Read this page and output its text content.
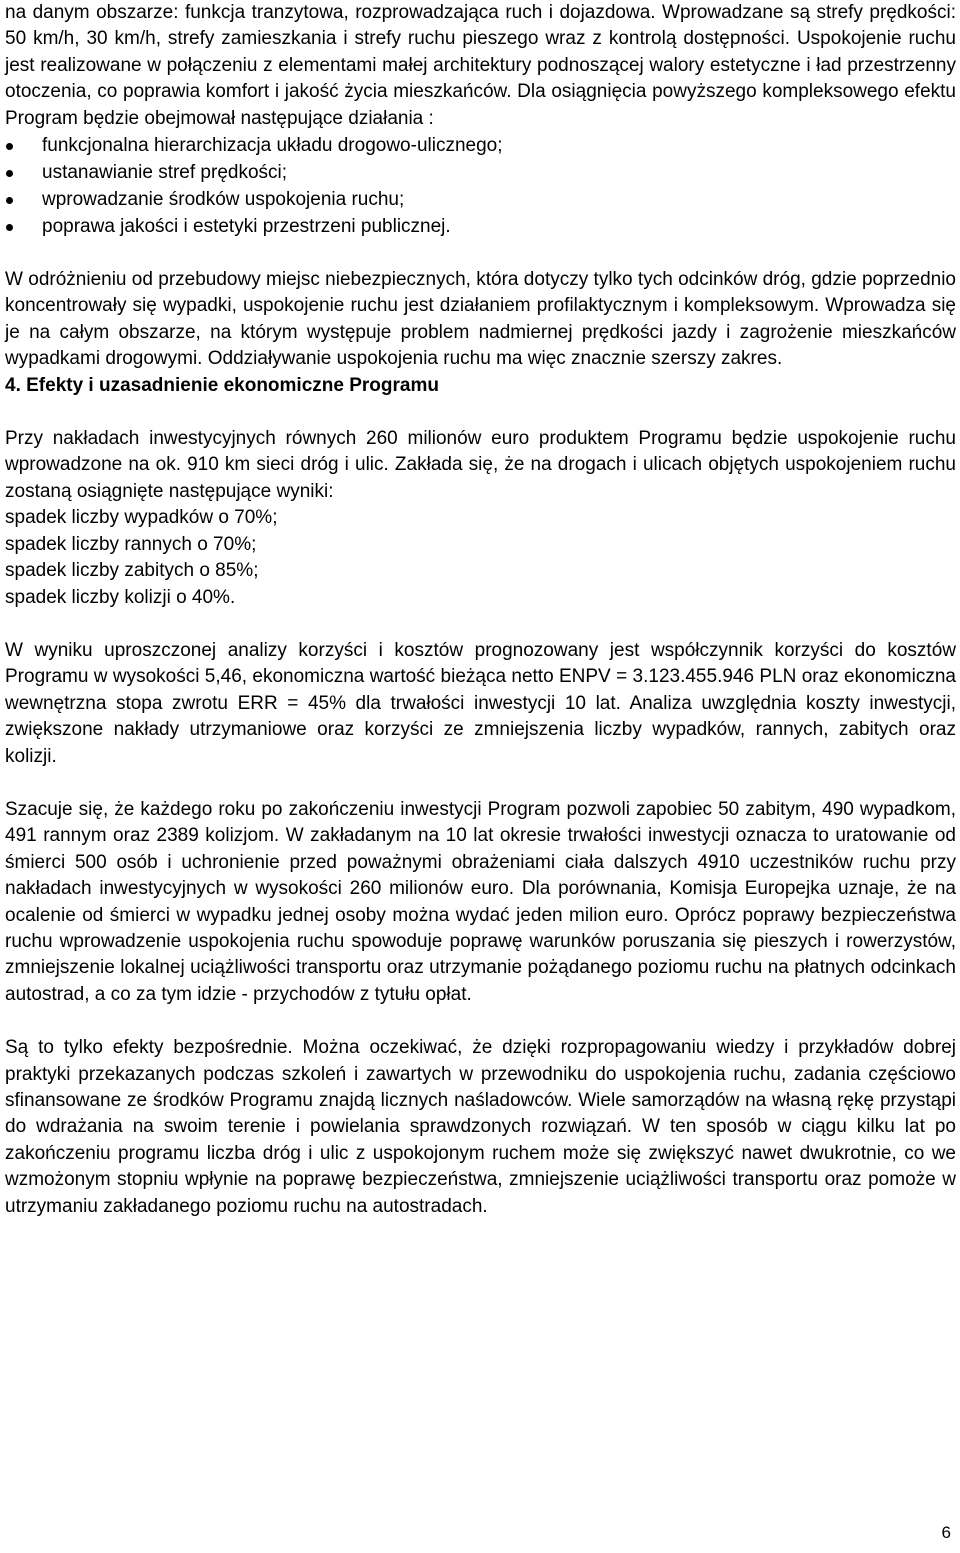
na danym obszarze: funkcja tranzytowa, rozprowadzająca ruch i dojazdowa. Wprowadzane są strefy prędkości: 50 km/h, 30 km/h, strefy zamieszkania i strefy ruchu pieszego wraz z kontrolą dostępności. Uspokojenie ruchu jest realizowane w połączeniu z elementami małej architektury podnoszącej walory estetyczne i ład przestrzenny otoczenia, co poprawia komfort i jakość życia mieszkańców. Dla osiągnięcia powyższego kompleksowego efektu Program będzie obejmował następujące działania :

funkcjonalna hierarchizacja układu drogowo-ulicznego;
ustanawianie stref prędkości;
wprowadzanie środków uspokojenia ruchu;
poprawa jakości i estetyki przestrzeni publicznej.

W odróżnieniu od przebudowy miejsc niebezpiecznych, która dotyczy tylko tych odcinków dróg, gdzie poprzednio koncentrowały się wypadki, uspokojenie ruchu jest działaniem profilaktycznym i kompleksowym. Wprowadza się je na całym obszarze, na którym występuje problem nadmiernej prędkości jazdy i zagrożenie mieszkańców wypadkami drogowymi. Oddziaływanie uspokojenia ruchu ma więc znacznie szerszy zakres.

4. Efekty i uzasadnienie ekonomiczne Programu

Przy nakładach inwestycyjnych równych 260 milionów euro produktem Programu będzie uspokojenie ruchu wprowadzone na ok. 910 km sieci dróg i ulic. Zakłada się, że na drogach i ulicach objętych uspokojeniem ruchu zostaną osiągnięte następujące wyniki:

spadek liczby wypadków o 70%;
spadek liczby rannych o 70%;
spadek liczby zabitych o 85%;
spadek liczby kolizji o 40%.

W wyniku uproszczonej analizy korzyści i kosztów prognozowany jest współczynnik korzyści do kosztów Programu w wysokości 5,46, ekonomiczna wartość bieżąca netto ENPV = 3.123.455.946 PLN oraz ekonomiczna wewnętrzna stopa zwrotu ERR = 45% dla trwałości inwestycji 10 lat. Analiza uwzględnia koszty inwestycji, zwiększone nakłady utrzymaniowe oraz korzyści ze zmniejszenia liczby wypadków, rannych, zabitych oraz kolizji.

Szacuje się, że każdego roku po zakończeniu inwestycji Program pozwoli zapobiec 50 zabitym, 490 wypadkom, 491 rannym oraz 2389 kolizjom. W zakładanym na 10 lat okresie trwałości inwestycji oznacza to uratowanie od śmierci 500 osób i uchronienie przed poważnymi obrażeniami ciała dalszych 4910 uczestników ruchu przy nakładach inwestycyjnych w wysokości 260 milionów euro. Dla porównania, Komisja Europejka uznaje, że na ocalenie od śmierci w wypadku jednej osoby można wydać jeden milion euro. Oprócz poprawy bezpieczeństwa ruchu wprowadzenie uspokojenia ruchu spowoduje poprawę warunków poruszania się pieszych i rowerzystów, zmniejszenie lokalnej uciążliwości transportu oraz utrzymanie pożądanego poziomu ruchu na płatnych odcinkach autostrad, a co za tym idzie - przychodów z tytułu opłat.

Są to tylko efekty bezpośrednie. Można oczekiwać, że dzięki rozpropagowaniu wiedzy i przykładów dobrej praktyki przekazanych podczas szkoleń i zawartych w przewodniku do uspokojenia ruchu, zadania częściowo sfinansowane ze środków Programu znajdą licznych naśladowców. Wiele samorządów na własną rękę przystąpi do wdrażania na swoim terenie i powielania sprawdzonych rozwiązań. W ten sposób w ciągu kilku lat po zakończeniu programu liczba dróg i ulic z uspokojonym ruchem może się zwiększyć nawet dwukrotnie, co we wzmożonym stopniu wpłynie na poprawę bezpieczeństwa, zmniejszenie uciążliwości transportu oraz pomoże w utrzymaniu zakładanego poziomu ruchu na autostradach.

6
